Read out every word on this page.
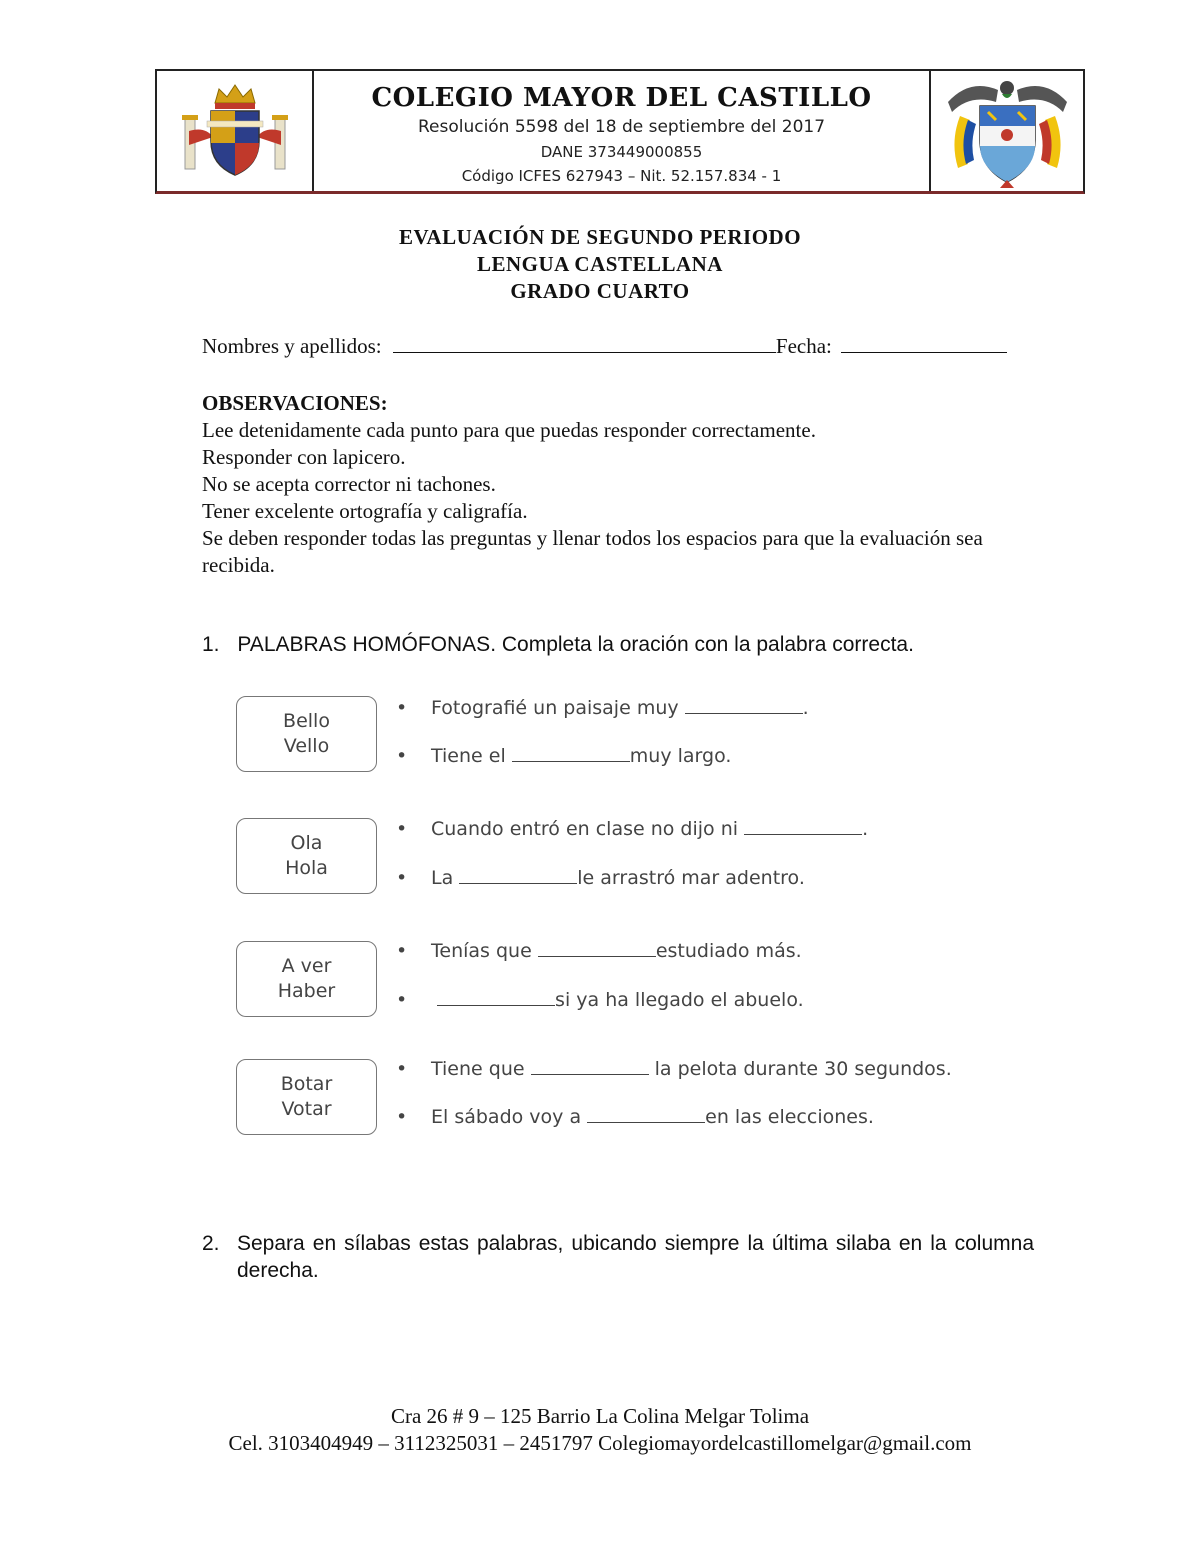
COLEGIO MAYOR DEL CASTILLO
Resolución 5598 del 18 de septiembre del 2017
DANE 373449000855
Código ICFES 627943 – Nit. 52.157.834 - 1
EVALUACIÓN DE SEGUNDO PERIODO
LENGUA CASTELLANA
GRADO CUARTO
Nombres y apellidos:	Fecha:
OBSERVACIONES:
Lee detenidamente cada punto para que puedas responder correctamente.
Responder con lapicero.
No se acepta corrector ni tachones.
Tener excelente ortografía y caligrafía.
Se deben responder todas las preguntas y llenar todos los espacios para que la evaluación sea recibida.
1. PALABRAS HOMÓFONAS. Completa la oración con la palabra correcta.
Bello
Vello
• Fotografié un paisaje muy	.
• Tiene el	muy largo.
Ola
Hola
• Cuando entró en clase no dijo ni	.
• La	le arrastró mar adentro.
A ver
Haber
• Tenías que	estudiado más.
•	si ya ha llegado el abuelo.
Botar
Votar
• Tiene que	la pelota durante 30 segundos.
• El sábado voy a	en las elecciones.
2. Separa en sílabas estas palabras, ubicando siempre la última silaba en la columna derecha.
Cra 26 # 9 – 125 Barrio La Colina Melgar Tolima
Cel. 3103404949 – 3112325031 – 2451797 Colegiomayordelcastillomelgar@gmail.com
